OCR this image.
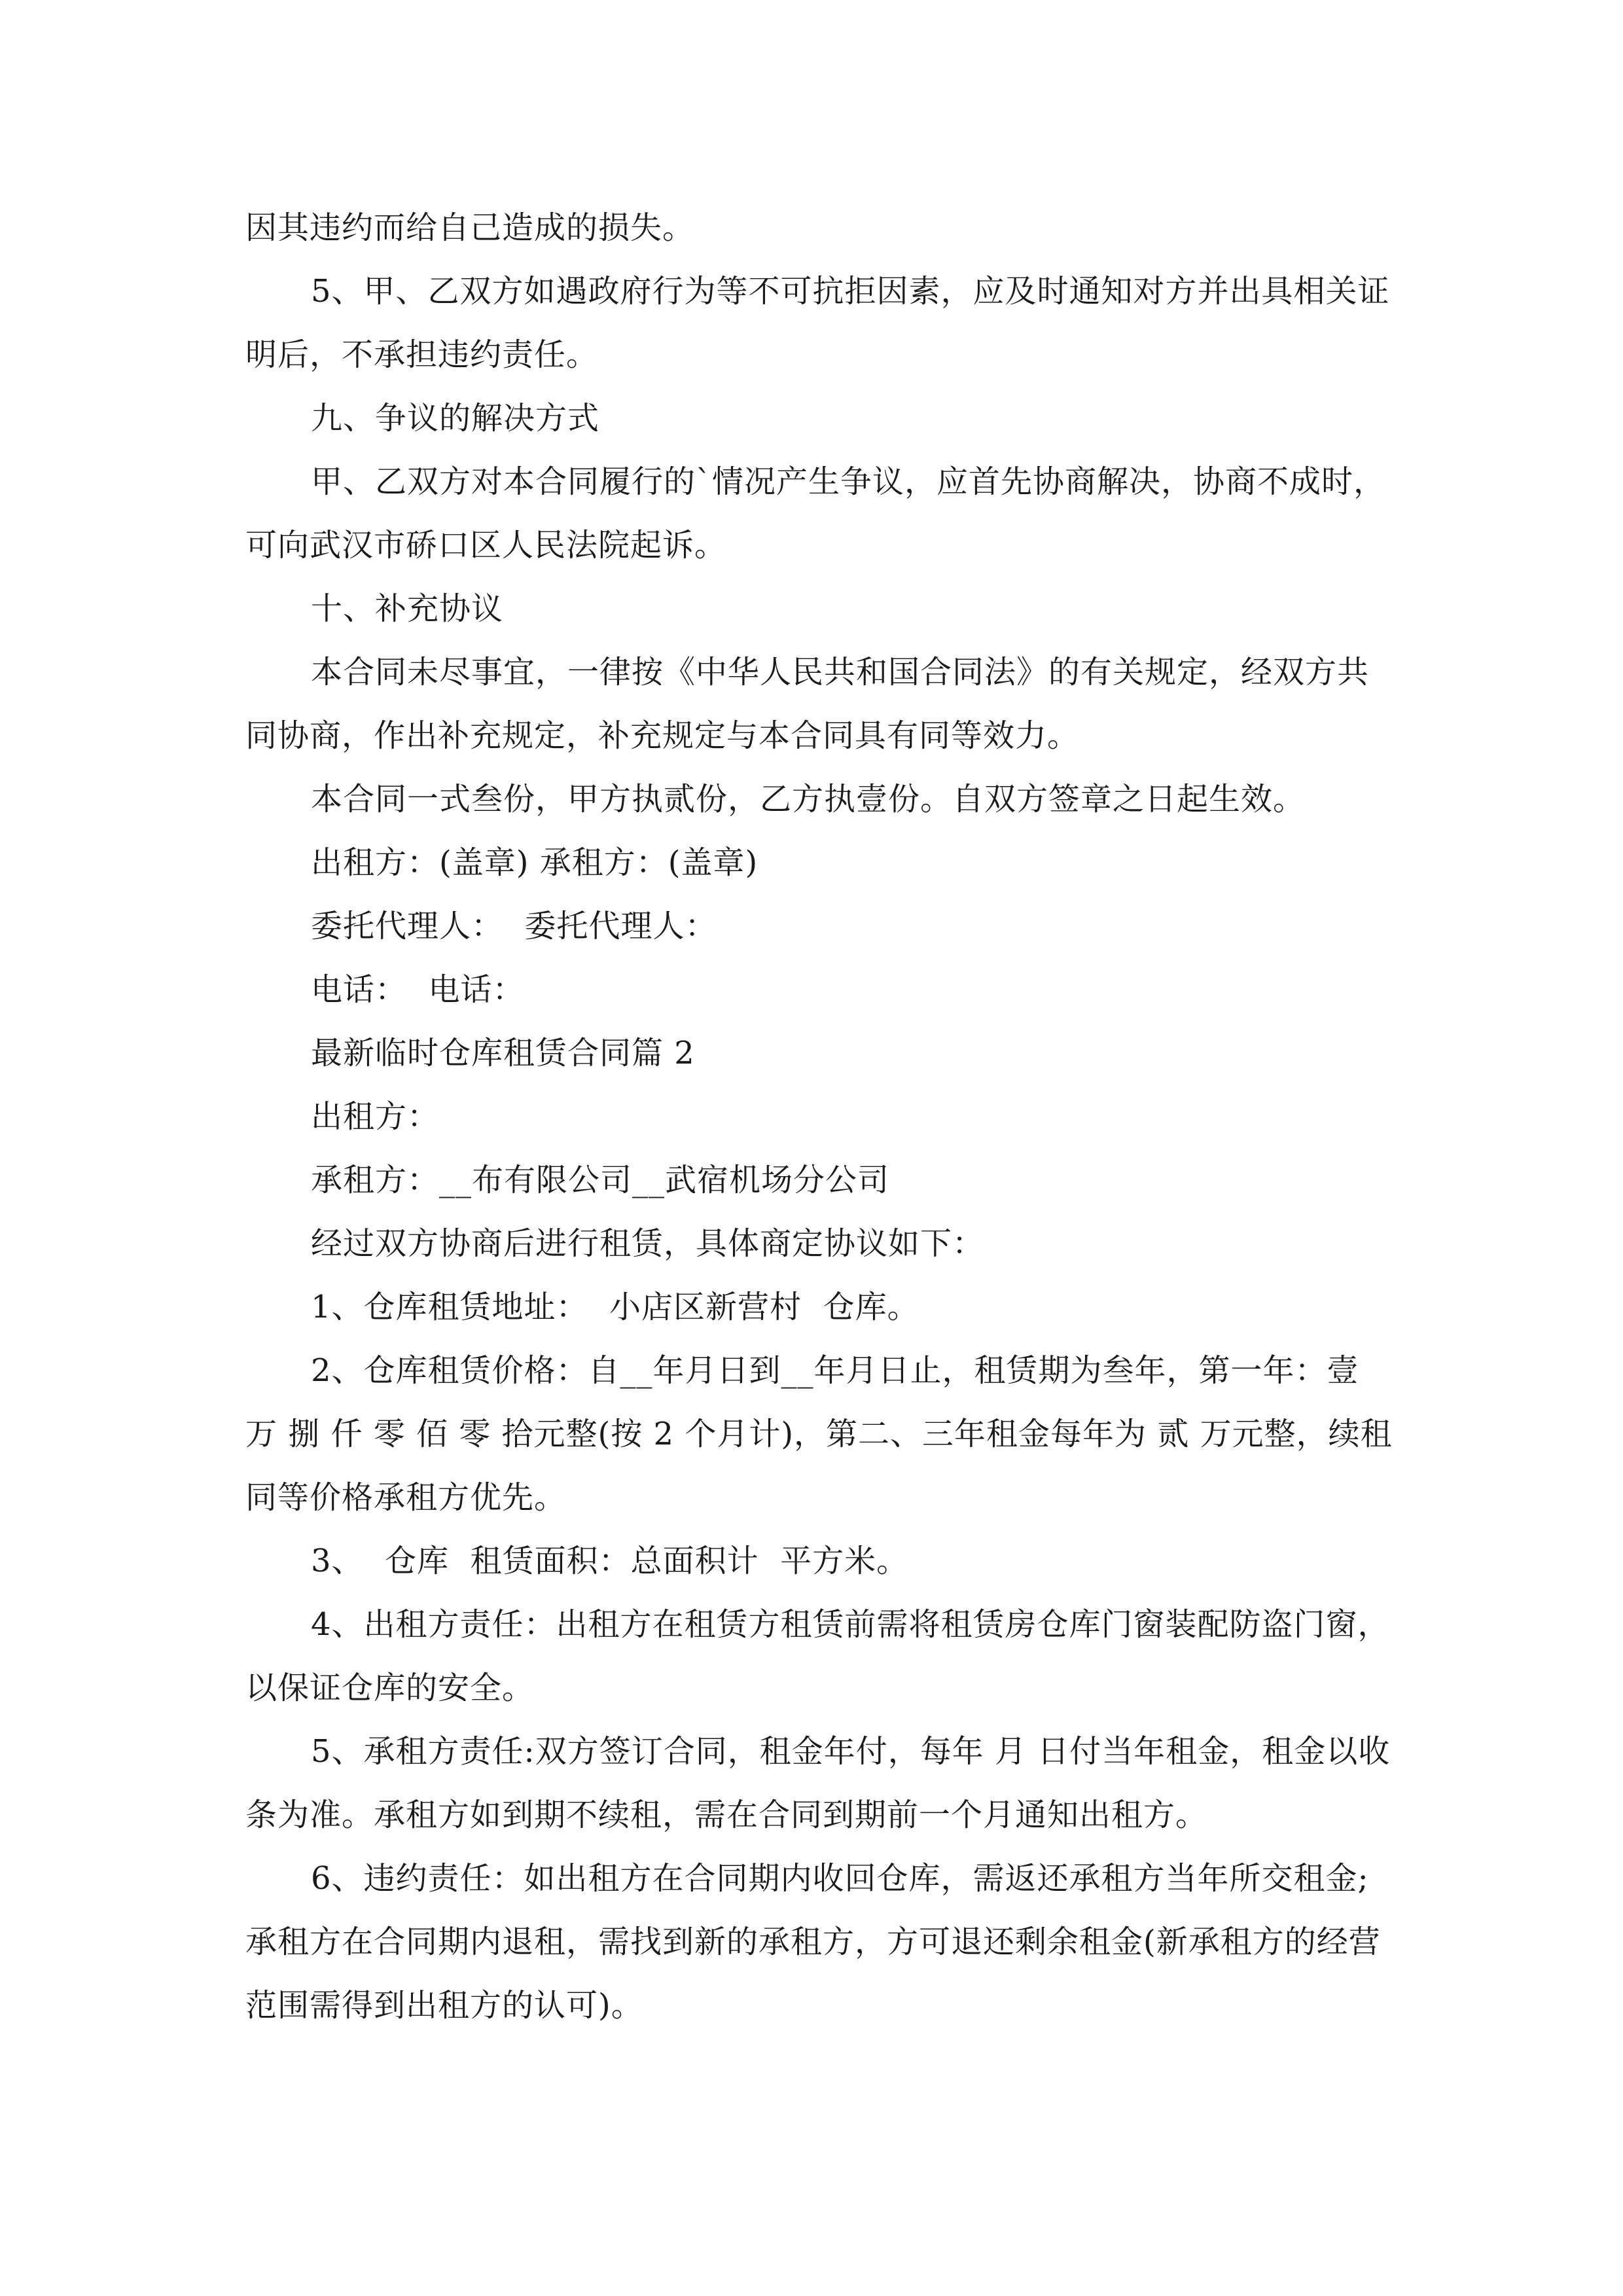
因其违约而给自己造成的损失。

5、甲、乙双方如遇政府行为等不可抗拒因素，应及时通知对方并出具相关证明后，不承担违约责任。

九、争议的解决方式

甲、乙双方对本合同履行的`情况产生争议，应首先协商解决，协商不成时，可向武汉市硚口区人民法院起诉。

十、补充协议

本合同未尽事宜，一律按《中华人民共和国合同法》的有关规定，经双方共同协商，作出补充规定，补充规定与本合同具有同等效力。

本合同一式叁份，甲方执贰份，乙方执壹份。自双方签章之日起生效。

出租方：(盖章) 承租方：(盖章)

委托代理人：  委托代理人：

电话：  电话：

最新临时仓库租赁合同篇 2

出租方：

承租方：__布有限公司__武宿机场分公司

经过双方协商后进行租赁，具体商定协议如下：

1、仓库租赁地址：  小店区新营村  仓库。

2、仓库租赁价格：自__年月日到__年月日止，租赁期为叁年，第一年：壹 万 捌 仟 零 佰 零 拾元整(按 2 个月计)，第二、三年租金每年为 贰 万元整，续租同等价格承租方优先。

3、  仓库  租赁面积：总面积计  平方米。

4、出租方责任：出租方在租赁方租赁前需将租赁房仓库门窗装配防盗门窗，以保证仓库的安全。

5、承租方责任:双方签订合同，租金年付，每年 月 日付当年租金，租金以收条为准。承租方如到期不续租，需在合同到期前一个月通知出租方。

6、违约责任：如出租方在合同期内收回仓库，需返还承租方当年所交租金;承租方在合同期内退租，需找到新的承租方，方可退还剩余租金(新承租方的经营范围需得到出租方的认可)。
